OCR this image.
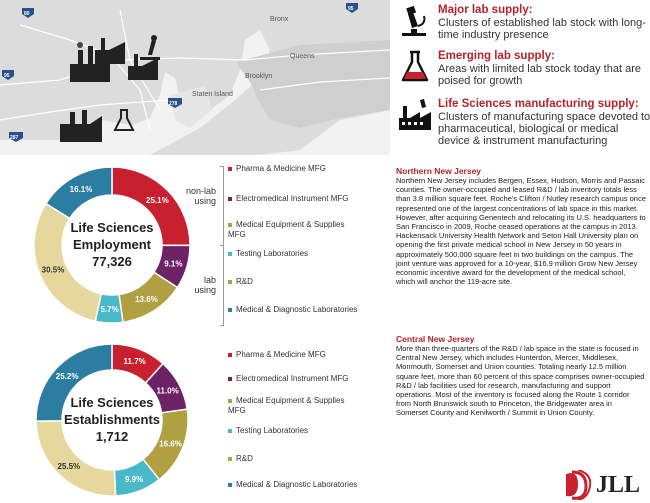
Bronx
Queens
Brooklyn
Staten Island
80
95
278
287
95	Major lab supply:
Clusters of established lab stock with long-time industry presence
Emerging lab supply:
Areas with limited lab stock today that are poised for growth
Life Sciences manufacturing supply:
Clusters of manufacturing space devoted to pharmaceutical, biological or medical device & instrument manufacturing
25.1%
9.1%
13.6%
5.7%
30.5%
16.1%
Life Sciences
Employment
77,326
11.7%
11.0%
16.6%
9.9%
25.5%
25.2%
Life Sciences
Establishments
1,712
Pharma & Medicine MFG
Electromedical Instrument MFG
Medical Equipment & Supplies MFG
Testing Laboratories
R&D
Medical & Diagnostic Laboratories
non-lab using
lab using
Pharma & Medicine MFG
Electromedical Instrument MFG
Medical Equipment & Supplies MFG
Testing Laboratories
R&D
Medical & Diagnostic Laboratories
Northern New Jersey
Northern New Jersey includes Bergen, Essex, Hudson, Morris and Passaic counties. The owner-occupied and leased R&D / lab inventory totals less than 3.8 million square feet. Roche's Clifton / Nutley research campus once represented one of the largest concentrations of lab space in this market. However, after acquiring Genentech and relocating its U.S. headquarters to San Francisco in 2009, Roche ceased operations at the campus in 2013. Hackensack University Health Network and Seton Hall University plan on opening the first private medical school in New Jersey in 50 years in approximately 500,000 square feet in two buildings on the campus. The joint venture was approved for a 10-year, $16.9 million Grow New Jersey economic incentive award for the development of the medical school, which will anchor the 119-acre site.
Central New Jersey
More than three-quarters of the R&D / lab space in the state is focused in Central New Jersey, which includes Hunterdon, Mercer, Middlesex, Monmouth, Somerset and Union counties. Totaling nearly 12.5 million square feet, more than 60 percent of this space comprises owner-occupied R&D / lab facilities used for research, manufacturing and support operations. Most of the inventory is focused along the Route 1 corridor from North Brunswick south to Princeton, the Bridgewater area in Somerset County and Kenilworth / Summit in Union County.
JLL
